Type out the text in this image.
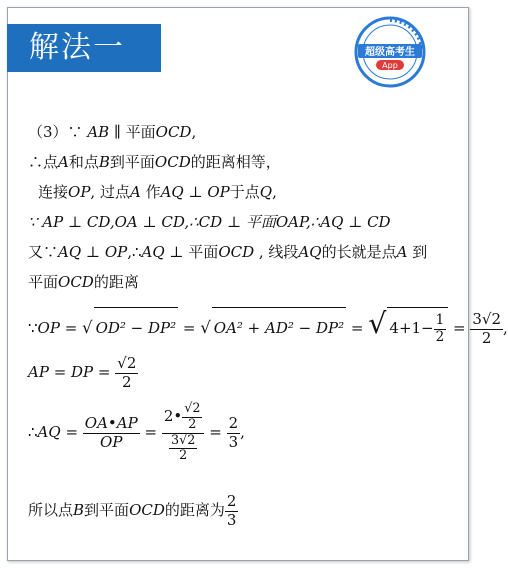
解法一	超级高考生
App
（3）∵ AB ∥ 平面OCD,
∴点A和点B到平面OCD的距离相等，
连接OP, 过点A 作AQ ⊥ OP于点Q,
∵ AP ⊥ CD,OA ⊥ CD,∴CD ⊥ 平面OAP,∴AQ ⊥ CD
又∵AQ ⊥ OP,∴AQ ⊥ 平面OCD , 线段AQ的长就是点A 到
平面OCD的距离
∵OP = √ OD² − DP² = √ OA² + AD² − DP² = √ $4+1- \frac{1}{2} = \frac{3√2}{2}$ ,
AP = DP = $\frac{√2}{2}$
∴AQ = $\frac{OA•AP}{OP} = \frac{2• \frac{√2}{2}}{\frac{3√2}{2}} = \frac{2}{3}$ ,
所以点B到平面OCD的距离为 $\frac{2}{3}$
